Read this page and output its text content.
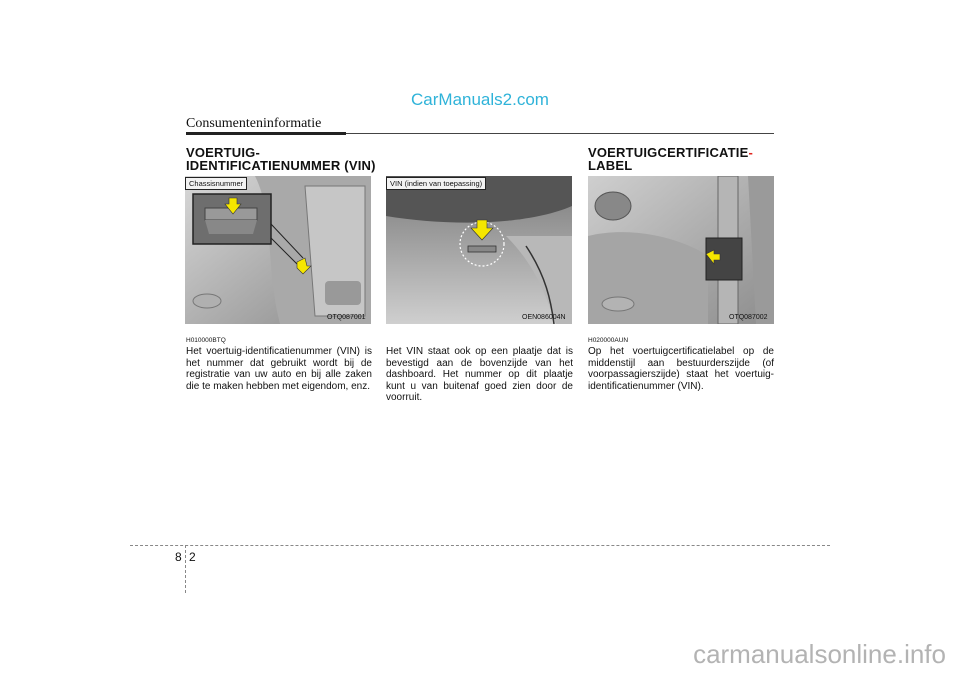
CarManuals2.com
Consumenteninformatie
VOERTUIG-
IDENTIFICATIENUMMER (VIN)
Chassisnummer
OTQ087001
H010000BTQ
Het voertuig-identificatienummer (VIN) is het nummer dat gebruikt wordt bij de registratie van uw auto en bij alle zaken die te maken hebben met eigendom, enz.
VIN (indien van toepassing)
OEN086004N
Het VIN staat ook op een plaatje dat is bevestigd aan de bovenzijde van het dashboard. Het nummer op dit plaatje kunt u van buitenaf goed zien door de voorruit.
VOERTUIGCERTIFICATIE-
LABEL
OTQ087002
H020000AUN
Op het voertuigcertificatielabel op de middenstijl aan bestuurderszijde (of voorpassagierszijde) staat het voertuig-identificatienummer (VIN).
8 2
carmanualsonline.info
